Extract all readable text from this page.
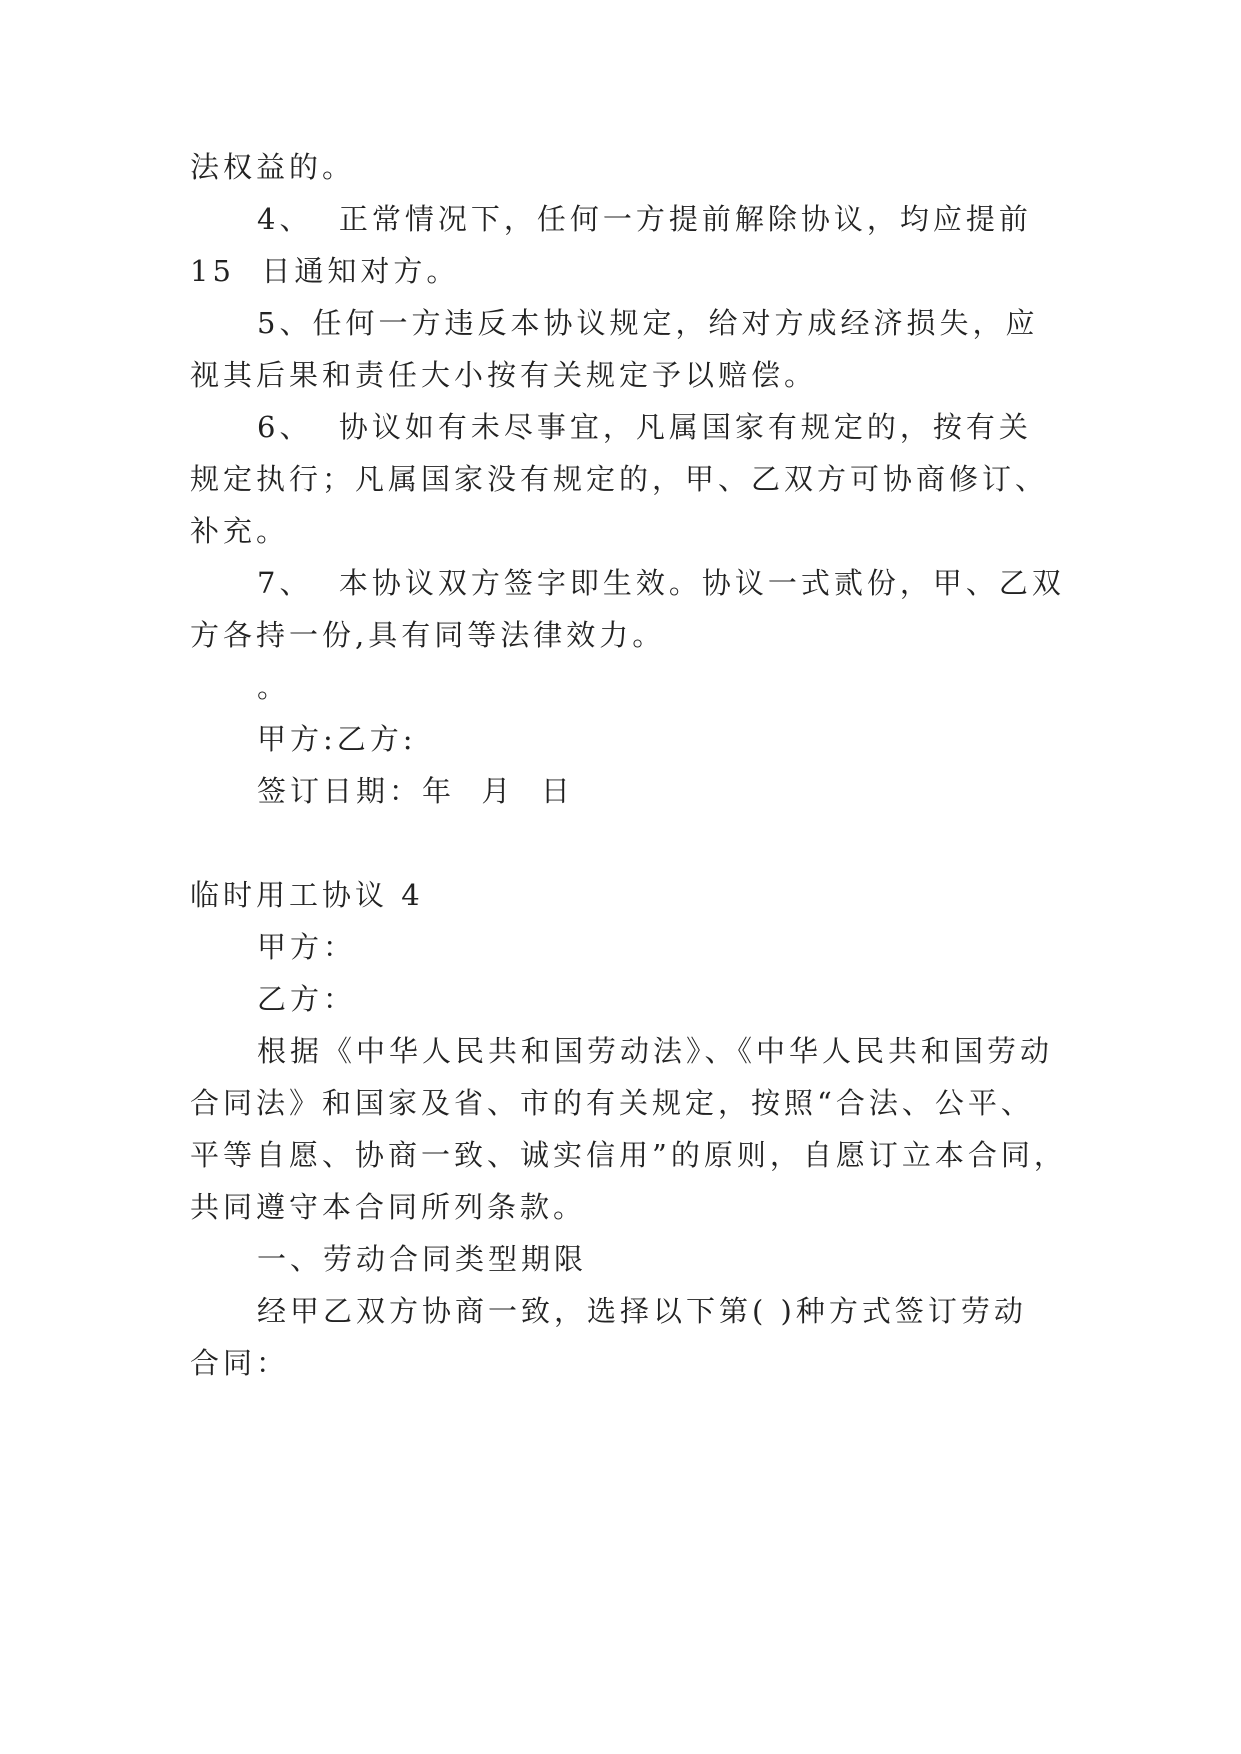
法权益的。
4、  正常情况下，任何一方提前解除协议，均应提前
15  日通知对方。
5、任何一方违反本协议规定，给对方成经济损失，应
视其后果和责任大小按有关规定予以赔偿。
6、  协议如有未尽事宜，凡属国家有规定的，按有关
规定执行；凡属国家没有规定的，甲、乙双方可协商修订、
补充。
7、  本协议双方签字即生效。协议一式贰份，甲、乙双
方各持一份,具有同等法律效力。
。
甲方:乙方:
签订日期：年  月  日
临时用工协议 4
甲方：
乙方：
根据《中华人民共和国劳动法》、《中华人民共和国劳动
合同法》和国家及省、市的有关规定，按照“合法、公平、
平等自愿、协商一致、诚实信用”的原则，自愿订立本合同，
共同遵守本合同所列条款。
一、劳动合同类型期限
经甲乙双方协商一致，选择以下第( )种方式签订劳动
合同：
